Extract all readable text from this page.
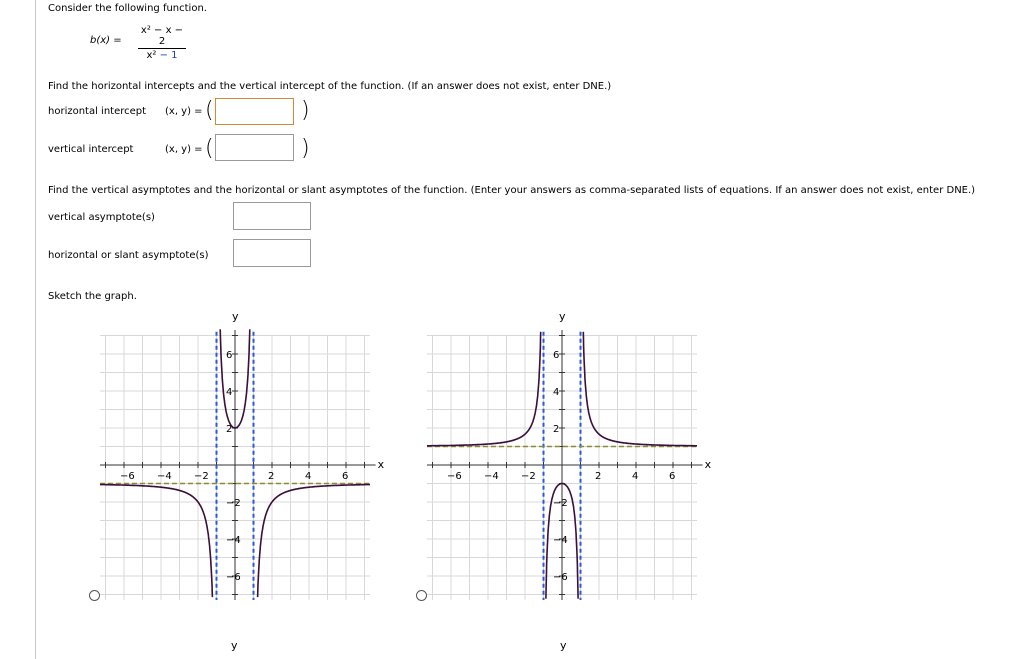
Consider the following function.
b(x) =
x² − x − 2
x² − 1
Find the horizontal intercepts and the vertical intercept of the function. (If an answer does not exist, enter DNE.)
horizontal intercept (x, y) = (	)
vertical intercept	(x, y) = (	)
Find the vertical asymptotes and the horizontal or slant asymptotes of the function. (Enter your answers as comma-separated lists of equations. If an answer does not exist, enter DNE.)
vertical asymptote(s)
horizontal or slant asymptote(s)
Sketch the graph.
y
x
−6 −4 −2	2	4	6
6
4
2
−2
−4
−6
y
x
−6 −4 −2	2	4	6
6
4
2
−2
−4
−6
y	y
